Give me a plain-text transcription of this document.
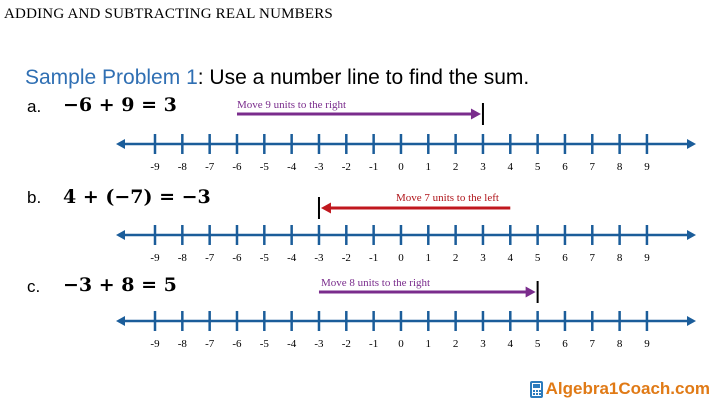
ADDING AND SUBTRACTING REAL NUMBERS
Sample Problem 1: Use a number line to find the sum.
a. −6 + 9 = 3	Move 9 units to the right
b. 4 + (−7) = −3	Move 7 units to the left
c. −3 + 8 = 5	Move 8 units to the right
-9 -8 -7 -6 -5 -4 -3 -2 -1 0 1 2 3 4 5 6 7 8 9
-9 -8 -7 -6 -5 -4 -3 -2 -1 0 1 2 3 4 5 6 7 8 9
-9 -8 -7 -6 -5 -4 -3 -2 -1 0 1 2 3 4 5 6 7 8 9
Algebra1Coach.com
